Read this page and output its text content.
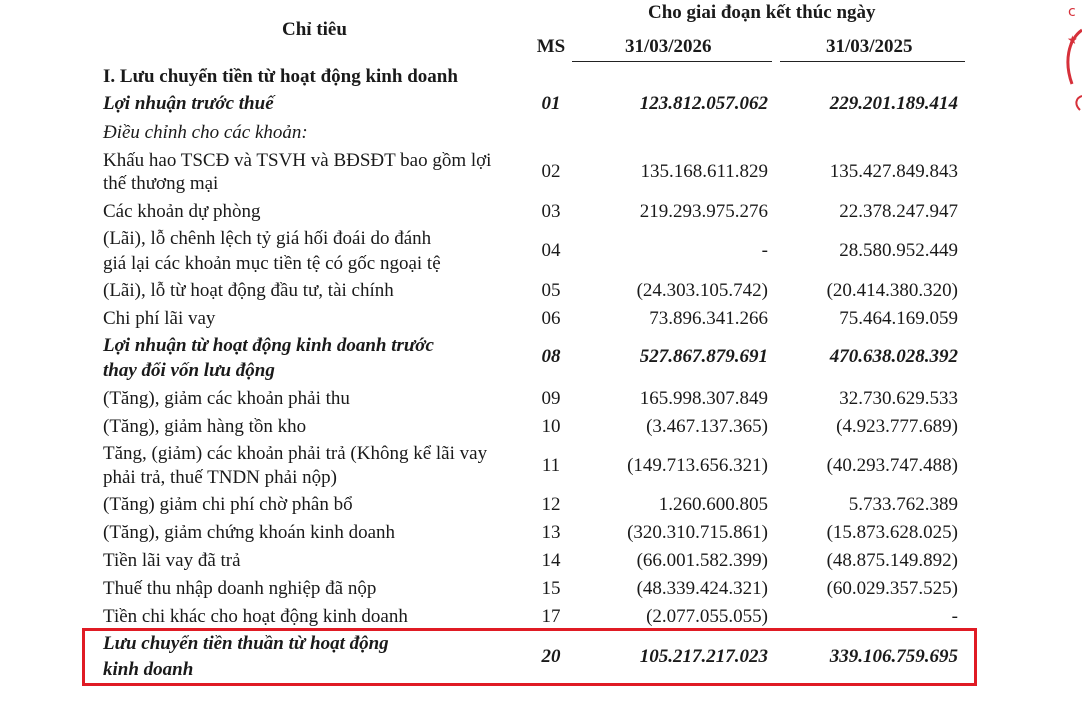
Chỉ tiêu
Cho giai đoạn kết thúc ngày
MS	31/03/2026	31/03/2025
I. Lưu chuyển tiền từ hoạt động kinh doanh
Lợi nhuận trước thuế	01	123.812.057.062	229.201.189.414
Điều chỉnh cho các khoản:
Khấu hao TSCĐ và TSVH và BĐSĐT bao gồm lợi
thế thương mại
02	135.168.611.829	135.427.849.843
Các khoản dự phòng	03	219.293.975.276	22.378.247.947
(Lãi), lỗ chênh lệch tỷ giá hối đoái do đánh
giá lại các khoản mục tiền tệ có gốc ngoại tệ
04	-	28.580.952.449
(Lãi), lỗ từ hoạt động đầu tư, tài chính	05	(24.303.105.742)	(20.414.380.320)
Chi phí lãi vay	06	73.896.341.266	75.464.169.059
Lợi nhuận từ hoạt động kinh doanh trước
thay đổi vốn lưu động
08	527.867.879.691	470.638.028.392
(Tăng), giảm các khoản phải thu	09	165.998.307.849	32.730.629.533
(Tăng), giảm hàng tồn kho	10	(3.467.137.365)	(4.923.777.689)
Tăng, (giảm) các khoản phải trả (Không kể lãi vay
phải trả, thuế TNDN phải nộp)
11	(149.713.656.321)	(40.293.747.488)
(Tăng) giảm chi phí chờ phân bổ	12	1.260.600.805	5.733.762.389
(Tăng), giảm chứng khoán kinh doanh	13	(320.310.715.861)	(15.873.628.025)
Tiền lãi vay đã trả	14	(66.001.582.399)	(48.875.149.892)
Thuế thu nhập doanh nghiệp đã nộp	15	(48.339.424.321)	(60.029.357.525)
Tiền chi khác cho hoạt động kinh doanh	17	(2.077.055.055)	-
Lưu chuyển tiền thuần từ hoạt động
kinh doanh
20	105.217.217.023	339.106.759.695
c
★
